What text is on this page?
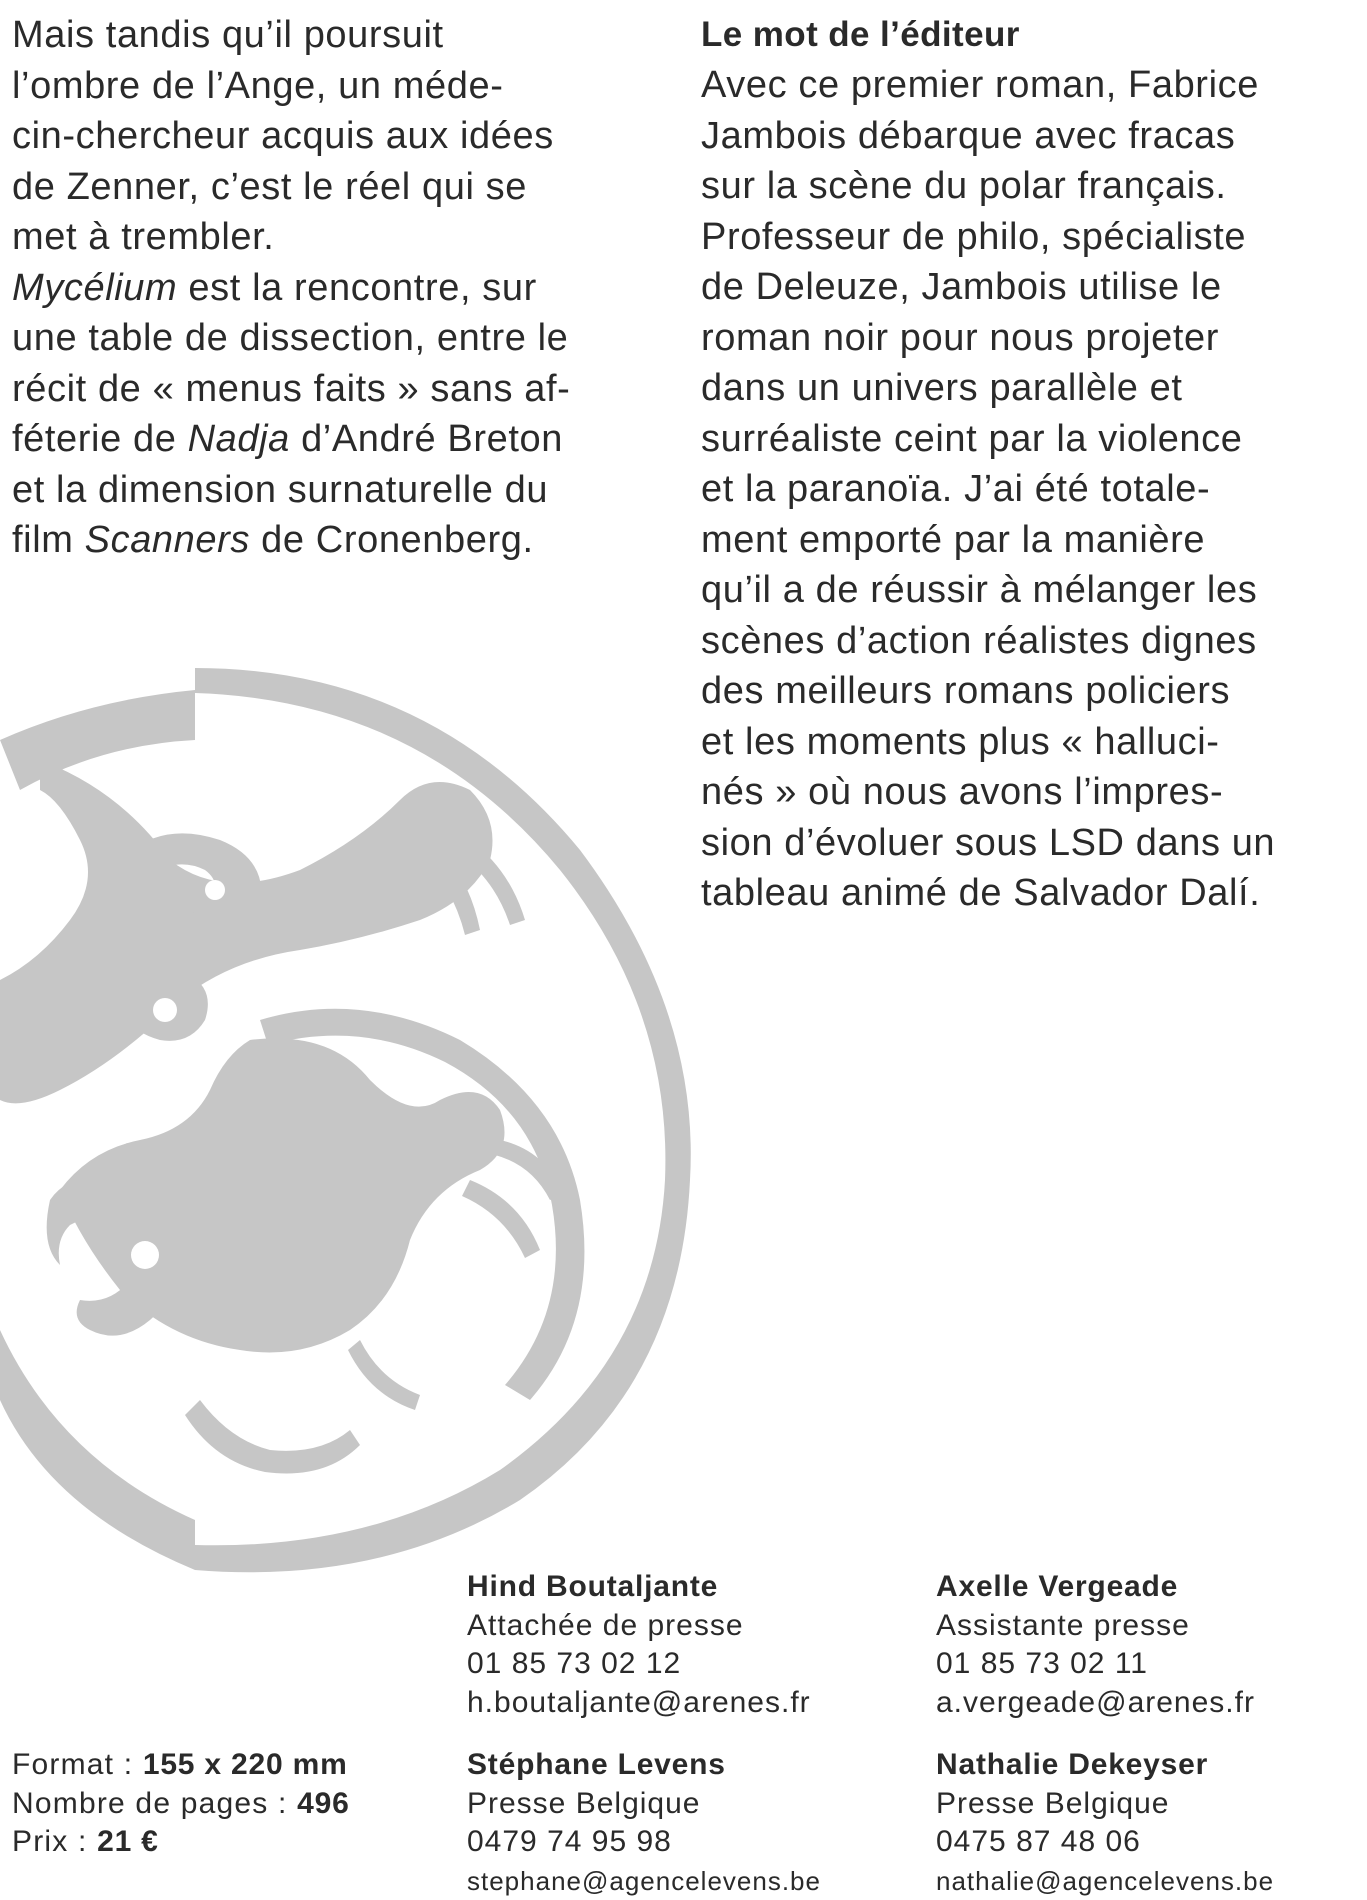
Mais tandis qu’il poursuit

l’ombre de l’Ange, un méde-

cin-chercheur acquis aux idées

de Zenner, c’est le réel qui se

met à trembler.

Mycélium est la rencontre, sur

une table de dissection, entre le

récit de « menus faits » sans af-

féterie de Nadja d’André Breton

et la dimension surnaturelle du

film Scanners de Cronenberg.

Le mot de l’éditeur

Avec ce premier roman, Fabrice

Jambois débarque avec fracas

sur la scène du polar français.

Professeur de philo, spécialiste

de Deleuze, Jambois utilise le

roman noir pour nous projeter

dans un univers parallèle et

surréaliste ceint par la violence

et la paranoïa. J’ai été totale-

ment emporté par la manière

qu’il a de réussir à mélanger les

scènes d’action réalistes dignes

des meilleurs romans policiers

et les moments plus « halluci-

nés » où nous avons l’impres-

sion d’évoluer sous LSD dans un

tableau animé de Salvador Dalí.

Hind Boutaljante
Attachée de presse
01 85 73 02 12
h.boutaljante@arenes.fr
Axelle Vergeade
Assistante presse
01 85 73 02 11
a.vergeade@arenes.fr
Format : 155 x 220 mm
Nombre de pages : 496
Prix : 21 €
Stéphane Levens
Presse Belgique
0479 74 95 98
stephane@agencelevens.be
Nathalie Dekeyser
Presse Belgique
0475 87 48 06
nathalie@agencelevens.be
